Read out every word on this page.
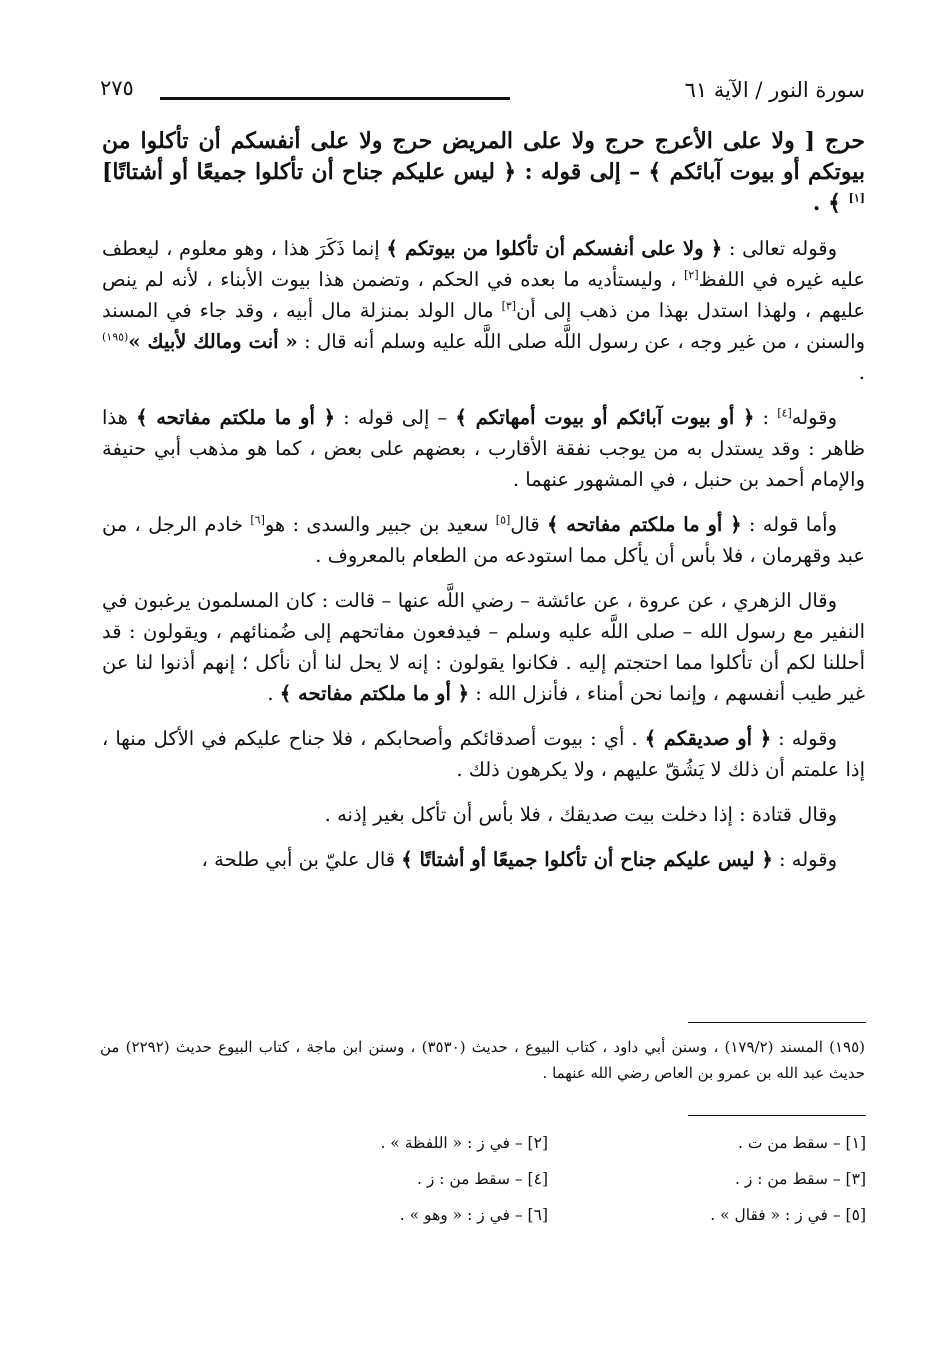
سورة النور / الآية ٦١
٢٧٥

حرج [ ولا على الأعرج حرج ولا على المريض حرج ولا على أنفسكم أن تأكلوا من بيوتكم أو بيوت آبائكم ﴾ – إلى قوله : ﴿ ليس عليكم جناح أن تأكلوا جميعًا أو أشتاتًا][١] ﴾ .

وقوله تعالى : ﴿ ولا على أنفسكم أن تأكلوا من بيوتكم ﴾ إنما ذَكَرَ هذا ، وهو معلوم ، ليعطف عليه غيره في اللفظ[٢] ، وليستأديه ما بعده في الحكم ، وتضمن هذا بيوت الأبناء ، لأنه لم ينص عليهم ، ولهذا استدل بهذا من ذهب إلى أن[٣] مال الولد بمنزلة مال أبيه ، وقد جاء في المسند والسنن ، من غير وجه ، عن رسول اللَّه صلى اللَّه عليه وسلم أنه قال : « أنت ومالك لأبيك »$^{(١٩٥)}$ .

وقوله[٤] : ﴿ أو بيوت آبائكم أو بيوت أمهاتكم ﴾ – إلى قوله : ﴿ أو ما ملكتم مفاتحه ﴾ هذا ظاهر : وقد يستدل به من يوجب نفقة الأقارب ، بعضهم على بعض ، كما هو مذهب أبي حنيفة والإمام أحمد بن حنبل ، في المشهور عنهما .

وأما قوله : ﴿ أو ما ملكتم مفاتحه ﴾ قال[٥] سعيد بن جبير والسدى : هو[٦] خادم الرجل ، من عبد وقهرمان ، فلا بأس أن يأكل مما استودعه من الطعام بالمعروف .

وقال الزهري ، عن عروة ، عن عائشة – رضي اللَّه عنها – قالت : كان المسلمون يرغبون في النفير مع رسول الله – صلى اللَّه عليه وسلم – فيدفعون مفاتحهم إلى ضُمنائهم ، ويقولون : قد أحللنا لكم أن تأكلوا مما احتجتم إليه . فكانوا يقولون : إنه لا يحل لنا أن نأكل ؛ إنهم أذنوا لنا عن غير طيب أنفسهم ، وإنما نحن أمناء ، فأنزل الله : ﴿ أو ما ملكتم مفاتحه ﴾ .

وقوله : ﴿ أو صديقكم ﴾ . أي : بيوت أصدقائكم وأصحابكم ، فلا جناح عليكم في الأكل منها ، إذا علمتم أن ذلك لا يَشُقّ عليهم ، ولا يكرهون ذلك .

وقال قتادة : إذا دخلت بيت صديقك ، فلا بأس أن تأكل بغير إذنه .

وقوله : ﴿ ليس عليكم جناح أن تأكلوا جميعًا أو أشتاتًا ﴾ قال عليّ بن أبي طلحة ،

(١٩٥) المسند (١٧٩/٢) ، وسنن أبي داود ، كتاب البيوع ، حديث (٣٥٣٠) ، وسنن ابن ماجة ، كتاب البيوع حديث (٢٢٩٢) من حديث عبد الله بن عمرو بن العاص رضي الله عنهما .

[١] – سقط من ت .
[٢] – في ز : « اللفظة » .
[٣] – سقط من : ز .
[٤] – سقط من : ز .
[٥] – في ز : « فقال » .
[٦] – في ز : « وهو » .
